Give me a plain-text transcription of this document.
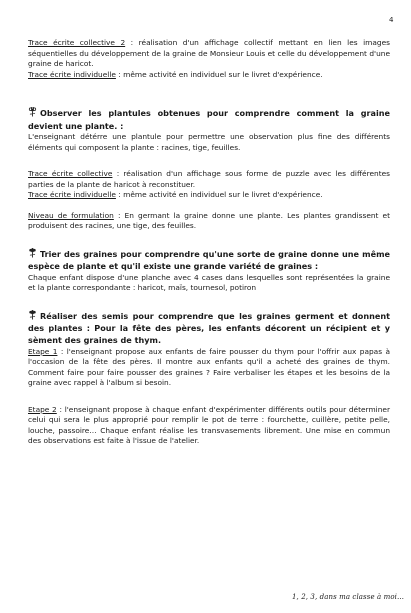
4

Trace écrite collective 2 : réalisation d'un affichage collectif mettant en lien les images séquentielles du développement de la graine de Monsieur Louis et celle du développement d'une graine de haricot.

Trace écrite individuelle : même activité en individuel sur le livret d'expérience.

Observer les plantules obtenues pour comprendre comment la graine devient une plante. :

L'enseignant détérre une plantule pour permettre une observation plus fine des différents éléments qui composent la plante : racines, tige, feuilles.

Trace écrite collective : réalisation d'un affichage sous forme de puzzle avec les différentes parties de la plante de haricot à reconstituer.

Trace écrite individuelle : même activité en individuel sur le livret d'expérience.

Niveau de formulation : En germant la graine donne une plante. Les plantes grandissent et produisent des racines, une tige, des feuilles.

Trier des graines pour comprendre qu'une sorte de graine donne une même espèce de plante et qu'il existe une grande variété de graines :

Chaque enfant dispose d'une planche avec 4 cases dans lesquelles sont représentées la graine et la plante correspondante : haricot, maïs, tournesol, potiron

Réaliser des semis pour comprendre que les graines germent et donnent des plantes : Pour la fête des pères, les enfants décorent un récipient et y sèment des graines de thym.

Etape 1 : l'enseignant propose aux enfants de faire pousser du thym pour l'offrir aux papas à l'occasion de la fête des pères. Il montre aux enfants qu'il a acheté des graines de thym. Comment faire pour faire pousser des graines ? Faire verbaliser les étapes et les besoins de la graine avec rappel à l'album si besoin.

Etape 2 : l'enseignant propose à chaque enfant d'expérimenter différents outils pour déterminer celui qui sera le plus approprié pour remplir le pot de terre : fourchette, cuillère, petite pelle, louche, passoire… Chaque enfant réalise les transvasements librement. Une mise en commun des observations est faite à l'issue de l'atelier.

1, 2, 3, dans ma classe à moi…
